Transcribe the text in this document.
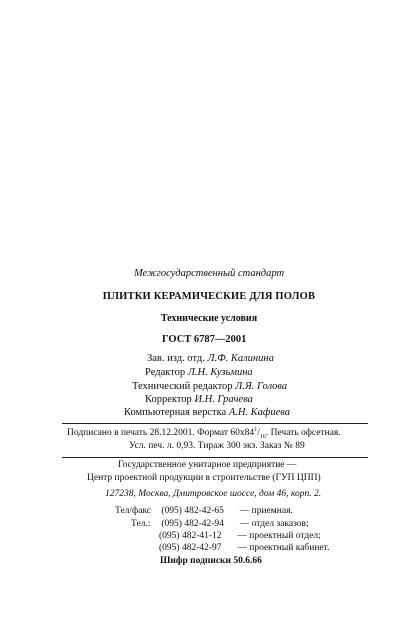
Межгосударственный стандарт
ПЛИТКИ КЕРАМИЧЕСКИЕ ДЛЯ ПОЛОВ
Технические условия
ГОСТ 6787—2001
Зав. изд. отд. Л.Ф. Калинина
Редактор Л.Н. Кузьмина
Технический редактор Л.Я. Голова
Корректор И.Н. Грачева
Компьютерная верстка А.Н. Кафиева
Подписано в печать 28.12.2001. Формат $60x84^1/_{16}$. Печать офсетная.
Усл. печ. л. 0,93. Тираж 300 экз. Заказ № 89
Государственное унитарное предприятие —
Центр проектной продукции в строительстве (ГУП ЦПП)
127238, Москва, Дмитровское шоссе, дом 46, корп. 2.
Тел/факс (095) 482-42-65 — приемная.
Тел.: (095) 482-42-94 — отдел заказов;
(095) 482-41-12 — проектный отдел;
(095) 482-42-97 — проектный кабинет.
Шифр подписки 50.6.66
